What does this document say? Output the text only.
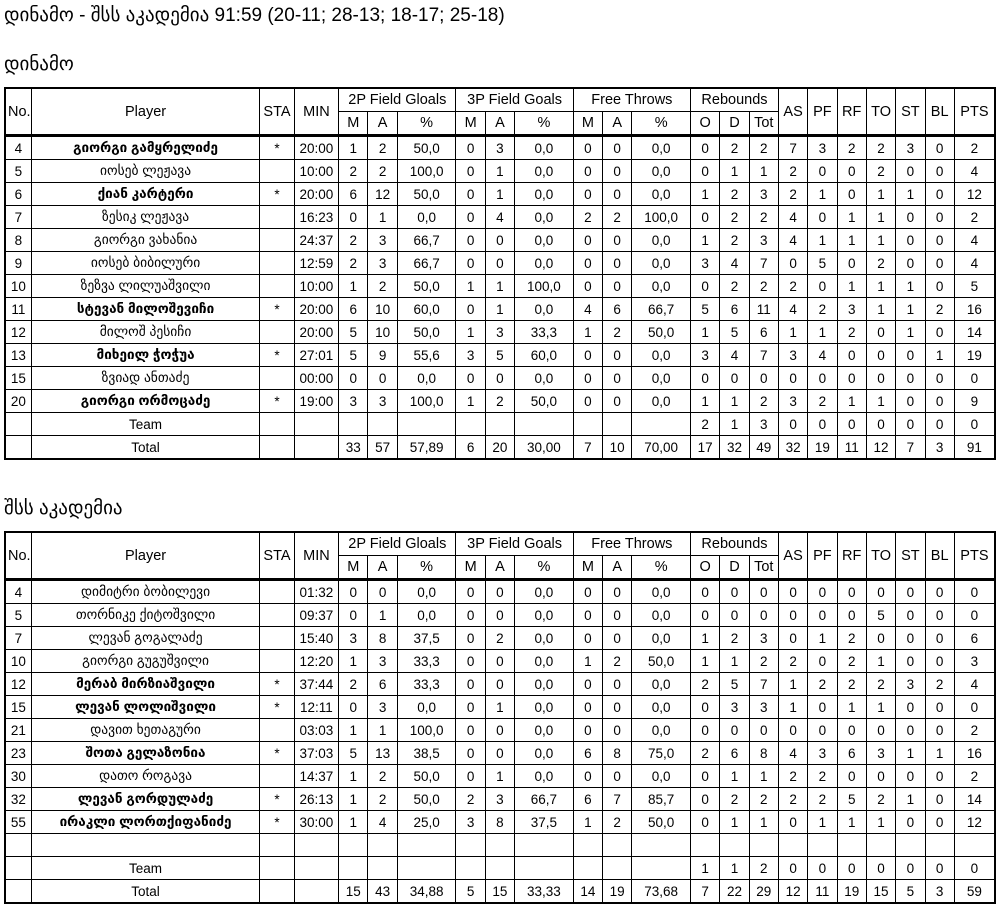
დინამო - შსს აკადემია 91:59 (20-11; 28-13; 18-17; 25-18)
დინამო
No.	Player	STA	MIN	2P Field Gloals			3P Field Goals			Free Throws			Rebounds			AS	PF	RF	TO	ST	BL	PTS
				M	A	%	M	A	%	M	A	%	O	D	Tot							
4	გიორგი გამყრელიძე	*	20:00	1	2	50,0	0	3	0,0	0	0	0,0	0	2	2	7	3	2	2	3	0	2
5	იოსებ ლეჟავა		10:00	2	2	100,0	0	1	0,0	0	0	0,0	0	1	1	2	0	0	2	0	0	4
6	ქიან კარტერი	*	20:00	6	12	50,0	0	1	0,0	0	0	0,0	1	2	3	2	1	0	1	1	0	12
7	ზესიკ ლეჟავა		16:23	0	1	0,0	0	4	0,0	2	2	100,0	0	2	2	4	0	1	1	0	0	2
8	გიორგი ვახანია		24:37	2	3	66,7	0	0	0,0	0	0	0,0	1	2	3	4	1	1	1	0	0	4
9	იოსებ ბიბილური		12:59	2	3	66,7	0	0	0,0	0	0	0,0	3	4	7	0	5	0	2	0	0	4
10	ზეზვა ლილუაშვილი		10:00	1	2	50,0	1	1	100,0	0	0	0,0	0	2	2	2	0	1	1	1	0	5
11	სტევან მილოშევიჩი	*	20:00	6	10	60,0	0	1	0,0	4	6	66,7	5	6	11	4	2	3	1	1	2	16
12	მილოშ პესიჩი		20:00	5	10	50,0	1	3	33,3	1	2	50,0	1	5	6	1	1	2	0	1	0	14
13	მიხეილ ჭოჭუა	*	27:01	5	9	55,6	3	5	60,0	0	0	0,0	3	4	7	3	4	0	0	0	1	19
15	ზვიად ანთაძე		00:00	0	0	0,0	0	0	0,0	0	0	0,0	0	0	0	0	0	0	0	0	0	0
20	გიორგი ორმოცაძე	*	19:00	3	3	100,0	1	2	50,0	0	0	0,0	1	1	2	3	2	1	1	0	0	9
	Team												2	1	3	0	0	0	0	0	0	0
	Total			33	57	57,89	6	20	30,00	7	10	70,00	17	32	49	32	19	11	12	7	3	91
შსს აკადემია
No.	Player	STA	MIN	2P Field Gloals			3P Field Goals			Free Throws			Rebounds			AS	PF	RF	TO	ST	BL	PTS
				M	A	%	M	A	%	M	A	%	O	D	Tot							
4	დიმიტრი ბობილევი		01:32	0	0	0,0	0	0	0,0	0	0	0,0	0	0	0	0	0	0	0	0	0	0
5	თორნიკე ქიტოშვილი		09:37	0	1	0,0	0	0	0,0	0	0	0,0	0	0	0	0	0	0	5	0	0	0
7	ლევან გოგალაძე		15:40	3	8	37,5	0	2	0,0	0	0	0,0	1	2	3	0	1	2	0	0	0	6
10	გიორგი გუგუშვილი		12:20	1	3	33,3	0	0	0,0	1	2	50,0	1	1	2	2	0	2	1	0	0	3
12	მერაბ მირზიაშვილი	*	37:44	2	6	33,3	0	0	0,0	0	0	0,0	2	5	7	1	2	2	2	3	2	4
15	ლევან ლოლიშვილი	*	12:11	0	3	0,0	0	1	0,0	0	0	0,0	0	3	3	1	0	1	1	0	0	0
21	დავით ხეთაგური		03:03	1	1	100,0	0	0	0,0	0	0	0,0	0	0	0	0	0	0	0	0	0	2
23	შოთა გელაზონია	*	37:03	5	13	38,5	0	0	0,0	6	8	75,0	2	6	8	4	3	6	3	1	1	16
30	დათო როგავა		14:37	1	2	50,0	0	1	0,0	0	0	0,0	0	1	1	2	2	0	0	0	0	2
32	ლევან გორდულაძე	*	26:13	1	2	50,0	2	3	66,7	6	7	85,7	0	2	2	2	2	5	2	1	0	14
55	ირაკლი ლორთქიფანიძე	*	30:00	1	4	25,0	3	8	37,5	1	2	50,0	0	1	1	0	1	1	1	0	0	12

	Team												1	1	2	0	0	0	0	0	0	0
	Total			15	43	34,88	5	15	33,33	14	19	73,68	7	22	29	12	11	19	15	5	3	59
